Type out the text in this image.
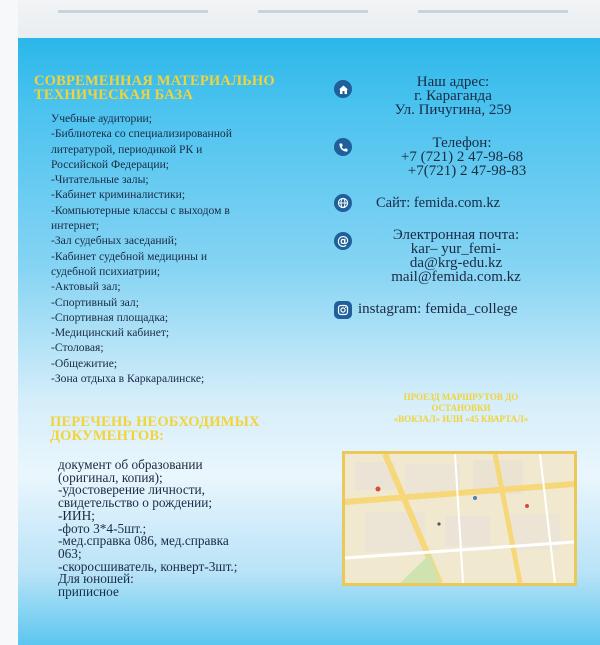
СОВРЕМЕННАЯ МАТЕРИАЛЬНО
ТЕХНИЧЕСКАЯ БАЗА
Учебные аудитории;
-Библиотека со специализированной
литературой, периодикой РК и
Российской Федерации;
-Читательные залы;
-Кабинет криминалистики;
-Компьютерные классы с выходом в
интернет;
-Зал судебных заседаний;
-Кабинет судебной медицины и
судебной психиатрии;
-Актовый зал;
-Спортивный зал;
-Спортивная площадка;
-Медицинский кабинет;
-Столовая;
-Общежитие;
-Зона отдыха в Каркаралинске;
ПЕРЕЧЕНЬ НЕОБХОДИМЫХ
ДОКУМЕНТОВ:
документ об образовании
(оригинал, копия);
-удостоверение личности,
свидетельство о рождении;
-ИИН;
-фото 3*4-5шт.;
-мед.справка 086, мед.справка
063;
-скоросшиватель, конверт-3шт.;
Для юношей:
приписное
Наш адрес:
г. Караганда
Ул. Пичугина, 259
Телефон:
+7 (721) 2 47-98-68
+7(721) 2 47-98-83
Сайт: femida.com.kz
@	Электронная почта:
kar– yur_femi-
da@krg-edu.kz
mail@femida.com.kz
instagram: femida_college
ПРОЕЗД МАРШРУТОВ ДО
ОСТАНОВКИ
«ВОКЗАЛ» ИЛИ «45 КВАРТАЛ»
